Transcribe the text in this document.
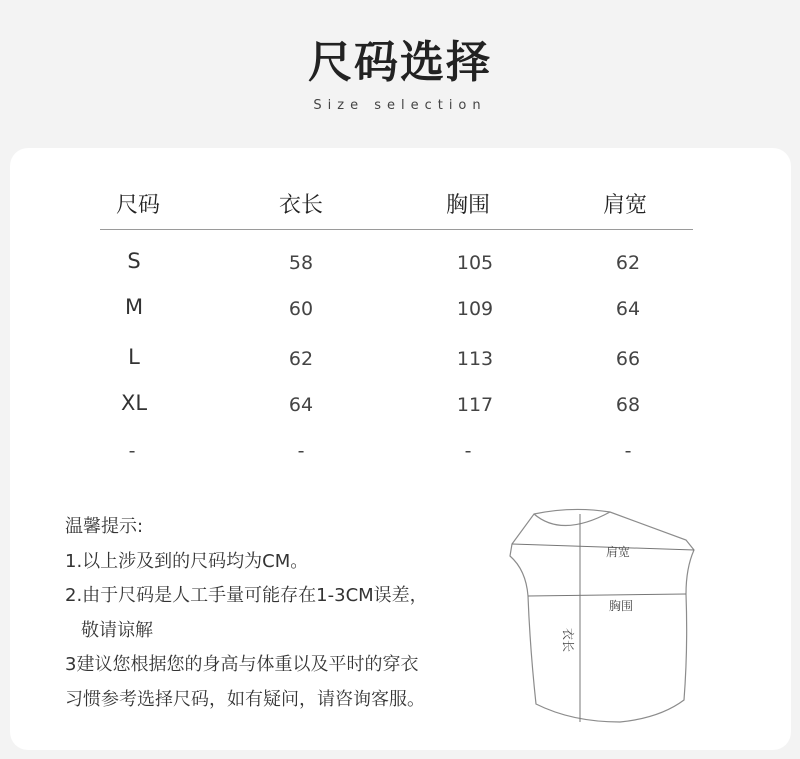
尺码选择
Size selection
尺码	衣长	胸围	肩宽
S	58	105	62
M	60	109	64
L	62	113	66
XL	64	117	68
-	-	-	-
温馨提示:
1.以上涉及到的尺码均为CM。
2.由于尺码是人工手量可能存在1-3CM误差，
敬请谅解
3建议您根据您的身高与体重以及平时的穿衣
习惯参考选择尺码，如有疑问，请咨询客服。
肩宽
胸围
衣长
